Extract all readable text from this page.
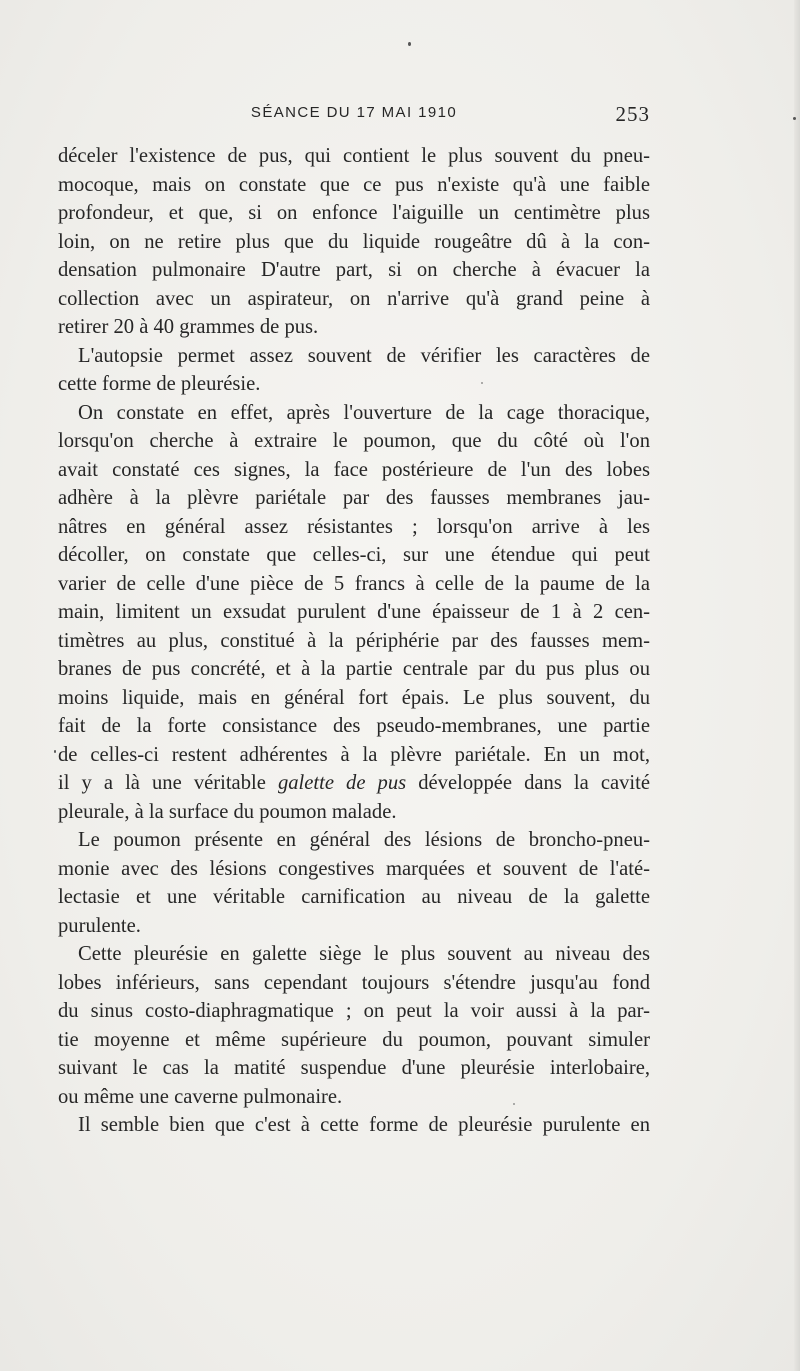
SÉANCE DU 17 MAI 1910	253
déceler l'existence de pus, qui contient le plus souvent du pneu-
mocoque, mais on constate que ce pus n'existe qu'à une faible
profondeur, et que, si on enfonce l'aiguille un centimètre plus
loin, on ne retire plus que du liquide rougeâtre dû à la con-
densation pulmonaire D'autre part, si on cherche à évacuer la
collection avec un aspirateur, on n'arrive qu'à grand peine à
retirer 20 à 40 grammes de pus.
L'autopsie permet assez souvent de vérifier les caractères de
cette forme de pleurésie.
On constate en effet, après l'ouverture de la cage thoracique,
lorsqu'on cherche à extraire le poumon, que du côté où l'on
avait constaté ces signes, la face postérieure de l'un des lobes
adhère à la plèvre pariétale par des fausses membranes jau-
nâtres en général assez résistantes ; lorsqu'on arrive à les
décoller, on constate que celles-ci, sur une étendue qui peut
varier de celle d'une pièce de 5 francs à celle de la paume de la
main, limitent un exsudat purulent d'une épaisseur de 1 à 2 cen-
timètres au plus, constitué à la périphérie par des fausses mem-
branes de pus concrété, et à la partie centrale par du pus plus ou
moins liquide, mais en général fort épais. Le plus souvent, du
fait de la forte consistance des pseudo-membranes, une partie
de celles-ci restent adhérentes à la plèvre pariétale. En un mot,
il y a là une véritable galette de pus développée dans la cavité
pleurale, à la surface du poumon malade.
Le poumon présente en général des lésions de broncho-pneu-
monie avec des lésions congestives marquées et souvent de l'até-
lectasie et une véritable carnification au niveau de la galette
purulente.
Cette pleurésie en galette siège le plus souvent au niveau des
lobes inférieurs, sans cependant toujours s'étendre jusqu'au fond
du sinus costo-diaphragmatique ; on peut la voir aussi à la par-
tie moyenne et même supérieure du poumon, pouvant simuler
suivant le cas la matité suspendue d'une pleurésie interlobaire,
ou même une caverne pulmonaire.
Il semble bien que c'est à cette forme de pleurésie purulente en
